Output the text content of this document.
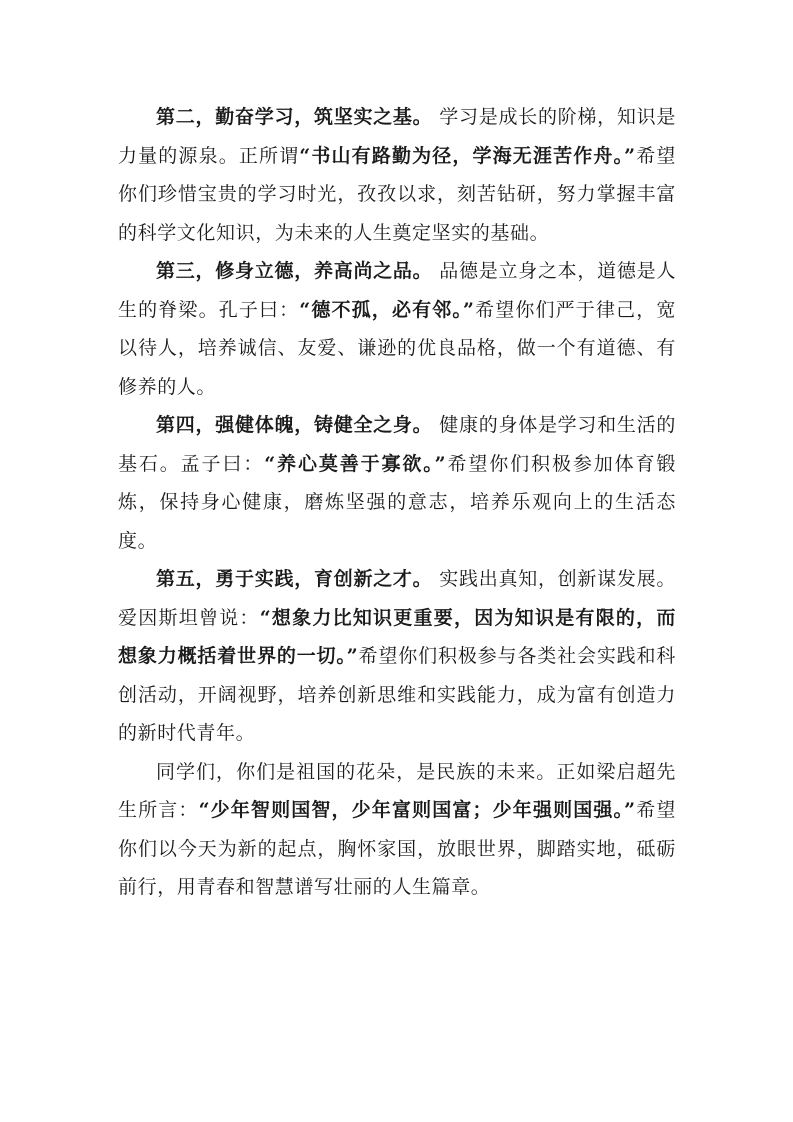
第二，勤奋学习，筑坚实之基。 学习是成长的阶梯，知识是力量的源泉。正所谓“书山有路勤为径，学海无涯苦作舟。”希望你们珍惜宝贵的学习时光，孜孜以求，刻苦钻研，努力掌握丰富的科学文化知识，为未来的人生奠定坚实的基础。

第三，修身立德，养高尚之品。 品德是立身之本，道德是人生的脊梁。孔子曰：“德不孤，必有邻。”希望你们严于律己，宽以待人，培养诚信、友爱、谦逊的优良品格，做一个有道德、有修养的人。

第四，强健体魄，铸健全之身。 健康的身体是学习和生活的基石。孟子曰：“养心莫善于寡欲。”希望你们积极参加体育锻炼，保持身心健康，磨炼坚强的意志，培养乐观向上的生活态度。

第五，勇于实践，育创新之才。 实践出真知，创新谋发展。爱因斯坦曾说：“想象力比知识更重要，因为知识是有限的，而想象力概括着世界的一切。”希望你们积极参与各类社会实践和科创活动，开阔视野，培养创新思维和实践能力，成为富有创造力的新时代青年。

同学们，你们是祖国的花朵，是民族的未来。正如梁启超先生所言：“少年智则国智，少年富则国富；少年强则国强。”希望你们以今天为新的起点，胸怀家国，放眼世界，脚踏实地，砥砺前行，用青春和智慧谱写壮丽的人生篇章。
